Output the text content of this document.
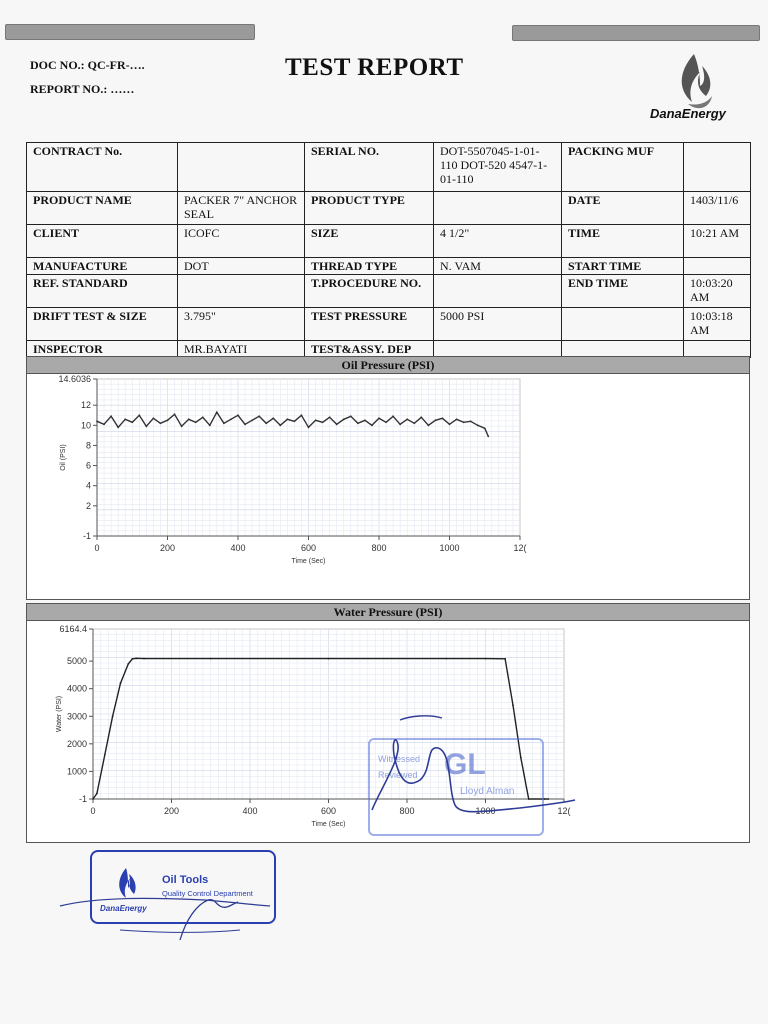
DOC NO.: QC-FR-….
REPORT NO.: ……
TEST REPORT
DanaEnergy
CONTRACT No.		SERIAL NO.	DOT-5507045-1-01-110 DOT-520 4547-1-01-110	PACKING MUF	
PRODUCT NAME	PACKER 7" ANCHOR SEAL	PRODUCT TYPE		DATE	1403/11/6
CLIENT	ICOFC	SIZE	4 1/2"	TIME	10:21 AM
MANUFACTURE	DOT	THREAD TYPE	N. VAM	START TIME	
REF. STANDARD		T.PROCEDURE NO.		END TIME	10:03:20 AM
DRIFT TEST & SIZE	3.795"	TEST PRESSURE	5000 PSI		10:03:18 AM
INSPECTOR	MR.BAYATI	TEST&ASSY. DEP			
Oil Pressure (PSI)
0	200	400	600	800	1000	12(
-1
2
4
6
8
10
12
14.6036
Time (Sec)
Oil (PSI)
Water Pressure (PSI)
0	200	400	600	800	1000	12(
-1
1000
2000
3000
4000
5000
6164.4
Time (Sec)
Water (PSI)
Witnessed
Reviewed GL
Lloyd Alman
Oil Tools
Quality Control Department
DanaEnergy
